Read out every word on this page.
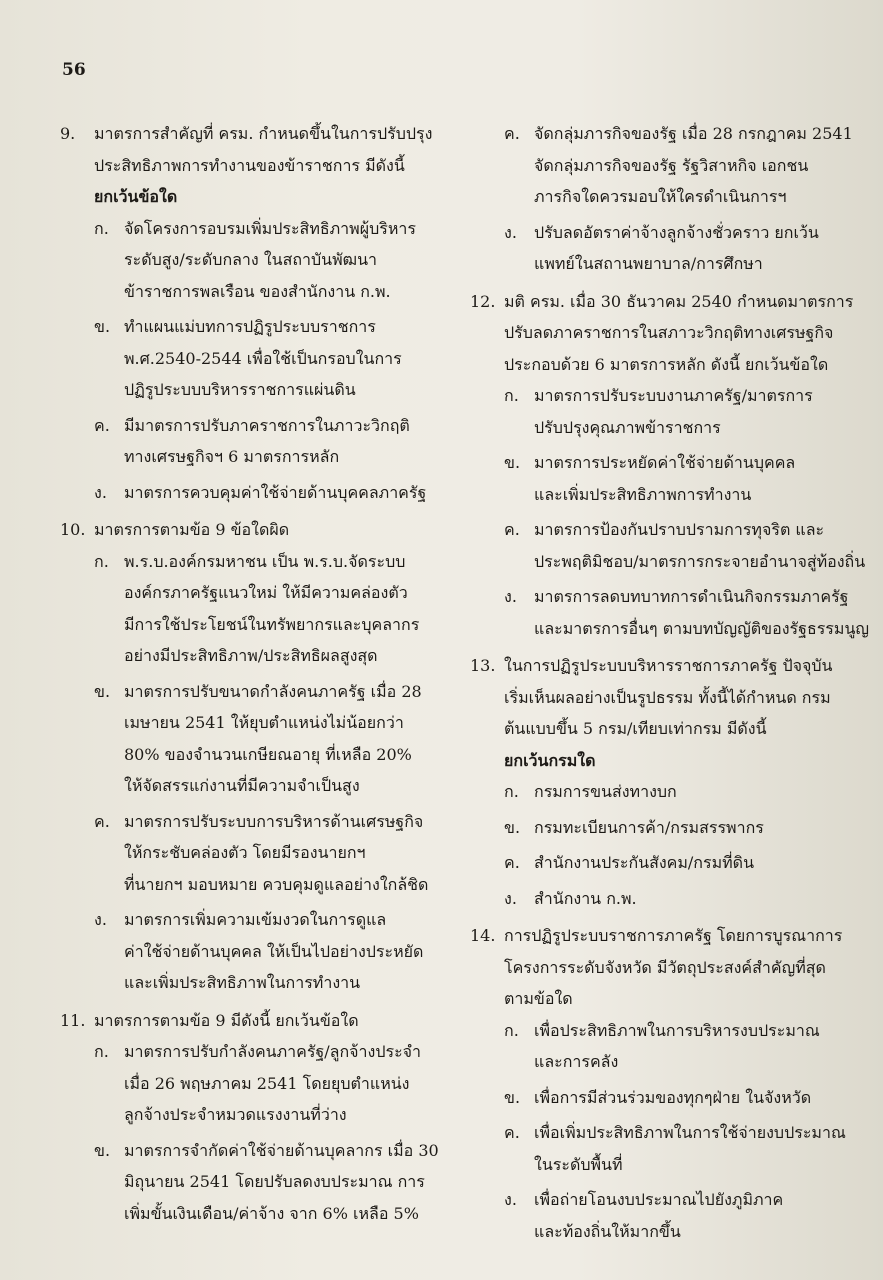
56
9. มาตรการสำคัญที่ ครม. กำหนดขึ้นในการปรับปรุง
ประสิทธิภาพการทำงานของข้าราชการ มีดังนี้
ยกเว้นข้อใด
ก. จัดโครงการอบรมเพิ่มประสิทธิภาพผู้บริหาร
ระดับสูง/ระดับกลาง ในสถาบันพัฒนา
ข้าราชการพลเรือน ของสำนักงาน ก.พ.
ข. ทำแผนแม่บทการปฏิรูประบบราชการ
พ.ศ.2540-2544 เพื่อใช้เป็นกรอบในการ
ปฏิรูประบบบริหารราชการแผ่นดิน
ค. มีมาตรการปรับภาคราชการในภาวะวิกฤติ
ทางเศรษฐกิจฯ 6 มาตรการหลัก
ง. มาตรการควบคุมค่าใช้จ่ายด้านบุคคลภาครัฐ
10. มาตรการตามข้อ 9 ข้อใดผิด
ก. พ.ร.บ.องค์กรมหาชน เป็น พ.ร.บ.จัดระบบ
องค์กรภาครัฐแนวใหม่ ให้มีความคล่องตัว
มีการใช้ประโยชน์ในทรัพยากรและบุคลากร
อย่างมีประสิทธิภาพ/ประสิทธิผลสูงสุด
ข. มาตรการปรับขนาดกำลังคนภาครัฐ เมื่อ 28
เมษายน 2541 ให้ยุบตำแหน่งไม่น้อยกว่า
80% ของจำนวนเกษียณอายุ ที่เหลือ 20%
ให้จัดสรรแก่งานที่มีความจำเป็นสูง
ค. มาตรการปรับระบบการบริหารด้านเศรษฐกิจ
ให้กระชับคล่องตัว โดยมีรองนายกฯ
ที่นายกฯ มอบหมาย ควบคุมดูแลอย่างใกล้ชิด
ง. มาตรการเพิ่มความเข้มงวดในการดูแล
ค่าใช้จ่ายด้านบุคคล ให้เป็นไปอย่างประหยัด
และเพิ่มประสิทธิภาพในการทำงาน
11. มาตรการตามข้อ 9 มีดังนี้ ยกเว้นข้อใด
ก. มาตรการปรับกำลังคนภาครัฐ/ลูกจ้างประจำ
เมื่อ 26 พฤษภาคม 2541 โดยยุบตำแหน่ง
ลูกจ้างประจำหมวดแรงงานที่ว่าง
ข. มาตรการจำกัดค่าใช้จ่ายด้านบุคลากร เมื่อ 30
มิถุนายน 2541 โดยปรับลดงบประมาณ การ
เพิ่มขั้นเงินเดือน/ค่าจ้าง จาก 6% เหลือ 5%
ค. จัดกลุ่มภารกิจของรัฐ เมื่อ 28 กรกฎาคม 2541
จัดกลุ่มภารกิจของรัฐ รัฐวิสาหกิจ เอกชน
ภารกิจใดควรมอบให้ใครดำเนินการฯ
ง. ปรับลดอัตราค่าจ้างลูกจ้างชั่วคราว ยกเว้น
แพทย์ในสถานพยาบาล/การศึกษา
12. มติ ครม. เมื่อ 30 ธันวาคม 2540 กำหนดมาตรการ
ปรับลดภาคราชการในสภาวะวิกฤติทางเศรษฐกิจ
ประกอบด้วย 6 มาตรการหลัก ดังนี้ ยกเว้นข้อใด
ก. มาตรการปรับระบบงานภาครัฐ/มาตรการ
ปรับปรุงคุณภาพข้าราชการ
ข. มาตรการประหยัดค่าใช้จ่ายด้านบุคคล
และเพิ่มประสิทธิภาพการทำงาน
ค. มาตรการป้องกันปราบปรามการทุจริต และ
ประพฤติมิชอบ/มาตรการกระจายอำนาจสู่ท้องถิ่น
ง. มาตรการลดบทบาทการดำเนินกิจกรรมภาครัฐ
และมาตรการอื่นๆ ตามบทบัญญัติของรัฐธรรมนูญ
13. ในการปฏิรูประบบบริหารราชการภาครัฐ ปัจจุบัน
เริ่มเห็นผลอย่างเป็นรูปธรรม ทั้งนี้ได้กำหนด กรม
ต้นแบบขึ้น 5 กรม/เทียบเท่ากรม มีดังนี้
ยกเว้นกรมใด
ก. กรมการขนส่งทางบก
ข. กรมทะเบียนการค้า/กรมสรรพากร
ค. สำนักงานประกันสังคม/กรมที่ดิน
ง. สำนักงาน ก.พ.
14. การปฏิรูประบบราชการภาครัฐ โดยการบูรณาการ
โครงการระดับจังหวัด มีวัตถุประสงค์สำคัญที่สุด
ตามข้อใด
ก. เพื่อประสิทธิภาพในการบริหารงบประมาณ
และการคลัง
ข. เพื่อการมีส่วนร่วมของทุกๆฝ่าย ในจังหวัด
ค. เพื่อเพิ่มประสิทธิภาพในการใช้จ่ายงบประมาณ
ในระดับพื้นที่
ง. เพื่อถ่ายโอนงบประมาณไปยังภูมิภาค
และท้องถิ่นให้มากขึ้น
